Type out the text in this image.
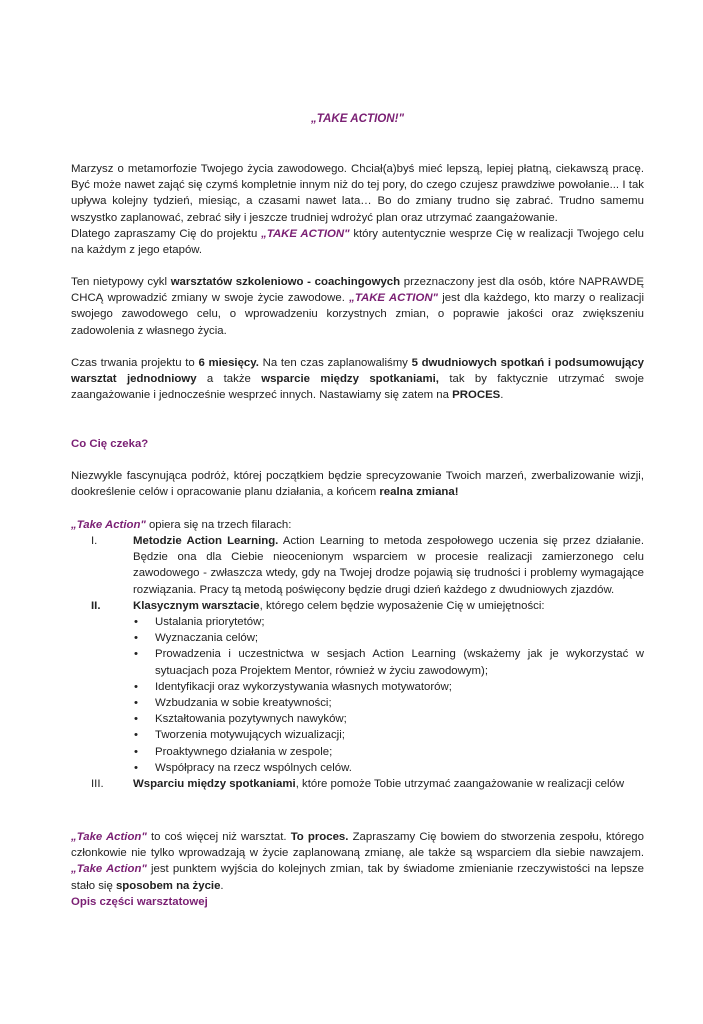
„TAKE ACTION!"
Marzysz o metamorfozie Twojego życia zawodowego. Chciał(a)byś mieć lepszą, lepiej płatną, ciekawszą pracę. Być może nawet zająć się czymś kompletnie innym niż do tej pory, do czego czujesz prawdziwe powołanie... I tak upływa kolejny tydzień, miesiąc, a czasami nawet lata… Bo do zmiany trudno się zabrać. Trudno samemu wszystko zaplanować, zebrać siły i jeszcze trudniej wdrożyć plan oraz utrzymać zaangażowanie.
Dlatego zapraszamy Cię do projektu „TAKE ACTION" który autentycznie wesprze Cię w realizacji Twojego celu na każdym z jego etapów.
Ten nietypowy cykl warsztatów szkoleniowo - coachingowych przeznaczony jest dla osób, które NAPRAWDĘ CHCĄ wprowadzić zmiany w swoje życie zawodowe. „TAKE ACTION" jest dla każdego, kto marzy o realizacji swojego zawodowego celu, o wprowadzeniu korzystnych zmian, o poprawie jakości oraz zwiększeniu zadowolenia z własnego życia.
Czas trwania projektu to 6 miesięcy. Na ten czas zaplanowaliśmy 5 dwudniowych spotkań i podsumowujący warsztat jednodniowy a także wsparcie między spotkaniami, tak by faktycznie utrzymać swoje zaangażowanie i jednocześnie wesprzeć innych. Nastawiamy się zatem na PROCES.
Co Cię czeka?
Niezwykle fascynująca podróż, której początkiem będzie sprecyzowanie Twoich marzeń, zwerbalizowanie wizji, dookreślenie celów i opracowanie planu działania, a końcem realna zmiana!
„Take Action" opiera się na trzech filarach:
I.	Metodzie Action Learning. Action Learning to metoda zespołowego uczenia się przez działanie. Będzie ona dla Ciebie nieocenionym wsparciem w procesie realizacji zamierzonego celu zawodowego - zwłaszcza wtedy, gdy na Twojej drodze pojawią się trudności i problemy wymagające rozwiązania. Pracy tą metodą poświęcony będzie drugi dzień każdego z dwudniowych zjazdów.
II.	Klasycznym warsztacie, którego celem będzie wyposażenie Cię w umiejętności:
• Ustalania priorytetów;
• Wyznaczania celów;
• Prowadzenia i uczestnictwa w sesjach Action Learning (wskażemy jak je wykorzystać w sytuacjach poza Projektem Mentor, również w życiu zawodowym);
• Identyfikacji oraz wykorzystywania własnych motywatorów;
• Wzbudzania w sobie kreatywności;
• Kształtowania pozytywnych nawyków;
• Tworzenia motywujących wizualizacji;
• Proaktywnego działania w zespole;
• Współpracy na rzecz wspólnych celów.
III.	Wsparciu między spotkaniami, które pomoże Tobie utrzymać zaangażowanie w realizacji celów
„Take Action" to coś więcej niż warsztat. To proces. Zapraszamy Cię bowiem do stworzenia zespołu, którego członkowie nie tylko wprowadzają w życie zaplanowaną zmianę, ale także są wsparciem dla siebie nawzajem. „Take Action" jest punktem wyjścia do kolejnych zmian, tak by świadome zmienianie rzeczywistości na lepsze stało się sposobem na życie.
Opis części warsztatowej
